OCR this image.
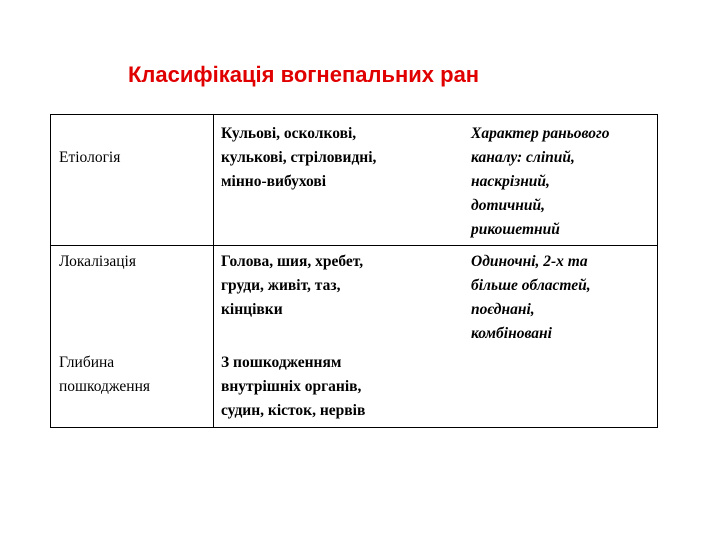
Класифікація вогнепальних ран
Етіологія
Кульові, осколкові,
кулькові, стріловидні,
мінно-вибухові
Характер раньового
каналу: сліпий,
наскрізний,
дотичний,
рикошетний
Локалізація	Голова, шия, хребет,
груди, живіт, таз,
кінцівки
Одиночні, 2-х та
більше областей,
поєднані,
комбіновані
Глибина
пошкодження
З пошкодженням
внутрішніх органів,
судин, кісток, нервів
